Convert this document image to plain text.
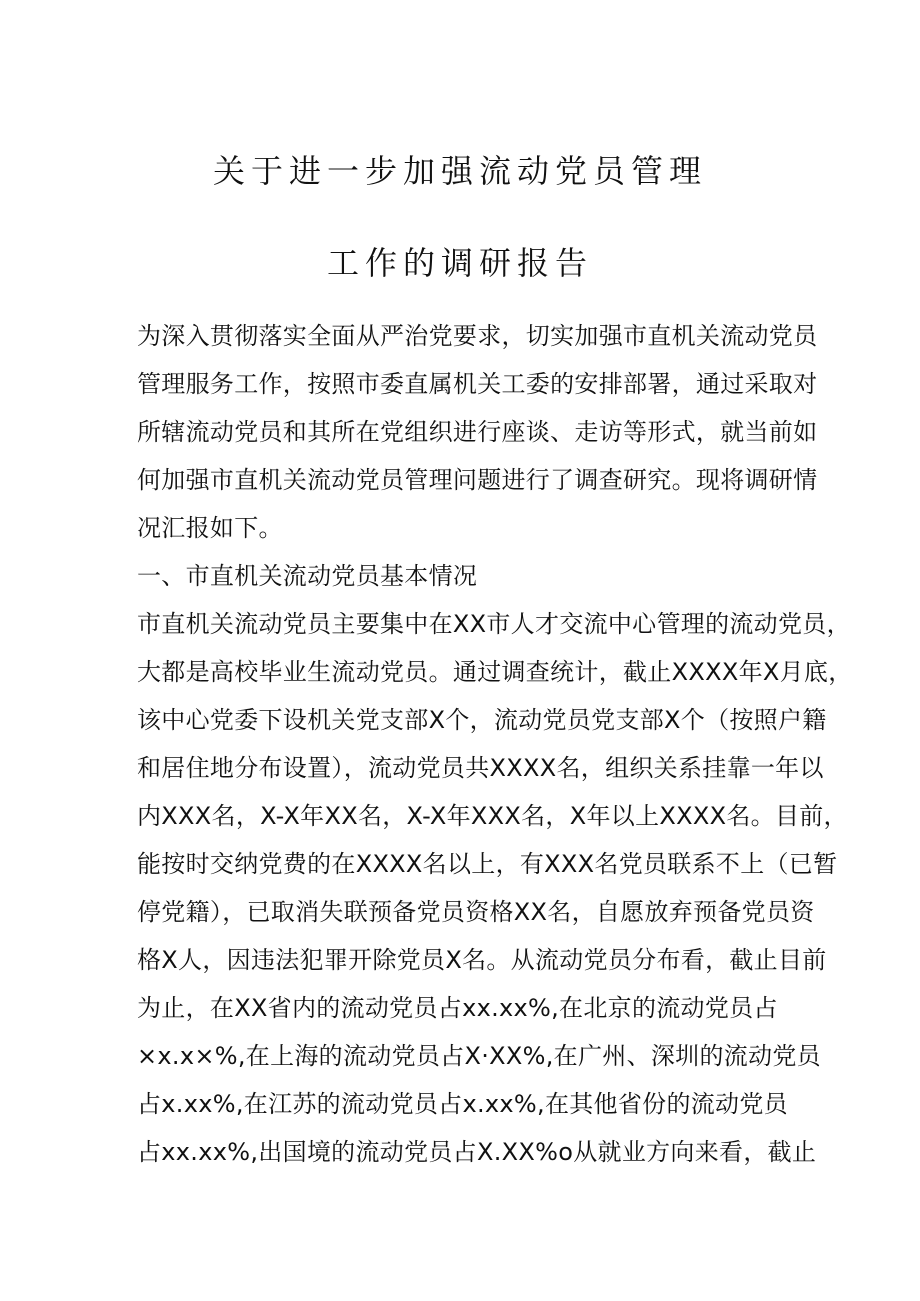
关于进一步加强流动党员管理
工作的调研报告
为深入贯彻落实全面从严治党要求，切实加强市直机关流动党员
管理服务工作，按照市委直属机关工委的安排部署，通过采取对
所辖流动党员和其所在党组织进行座谈、走访等形式，就当前如
何加强市直机关流动党员管理问题进行了调查研究。现将调研情
况汇报如下。
一、市直机关流动党员基本情况
市直机关流动党员主要集中在XX市人才交流中心管理的流动党员，
大都是高校毕业生流动党员。通过调查统计，截止XXXX年X月底，
该中心党委下设机关党支部X个，流动党员党支部X个（按照户籍
和居住地分布设置），流动党员共XXXX名，组织关系挂靠一年以
内XXX名，X-X年XX名，X-X年XXX名，X年以上XXXX名。目前，
能按时交纳党费的在XXXX名以上，有XXX名党员联系不上（已暂
停党籍），已取消失联预备党员资格XX名，自愿放弃预备党员资
格X人，因违法犯罪开除党员X名。从流动党员分布看，截止目前
为止，在XX省内的流动党员占xx.xx%,在北京的流动党员占
×x.x×%,在上海的流动党员占X·XX%,在广州、深圳的流动党员
占x.xx%,在江苏的流动党员占x.xx%,在其他省份的流动党员
占xx.xx%,出国境的流动党员占X.XX%o从就业方向来看，截止
